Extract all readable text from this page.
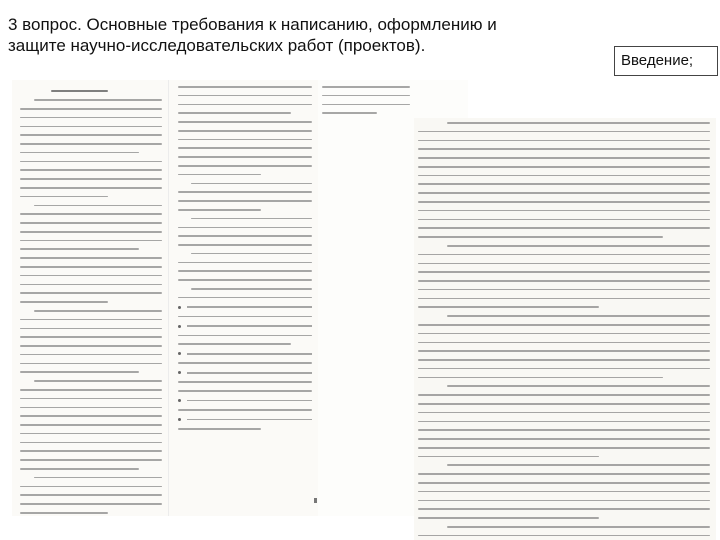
3 вопрос. Основные требования к написанию, оформлению и защите научно-исследовательских работ (проектов).
Введение;
